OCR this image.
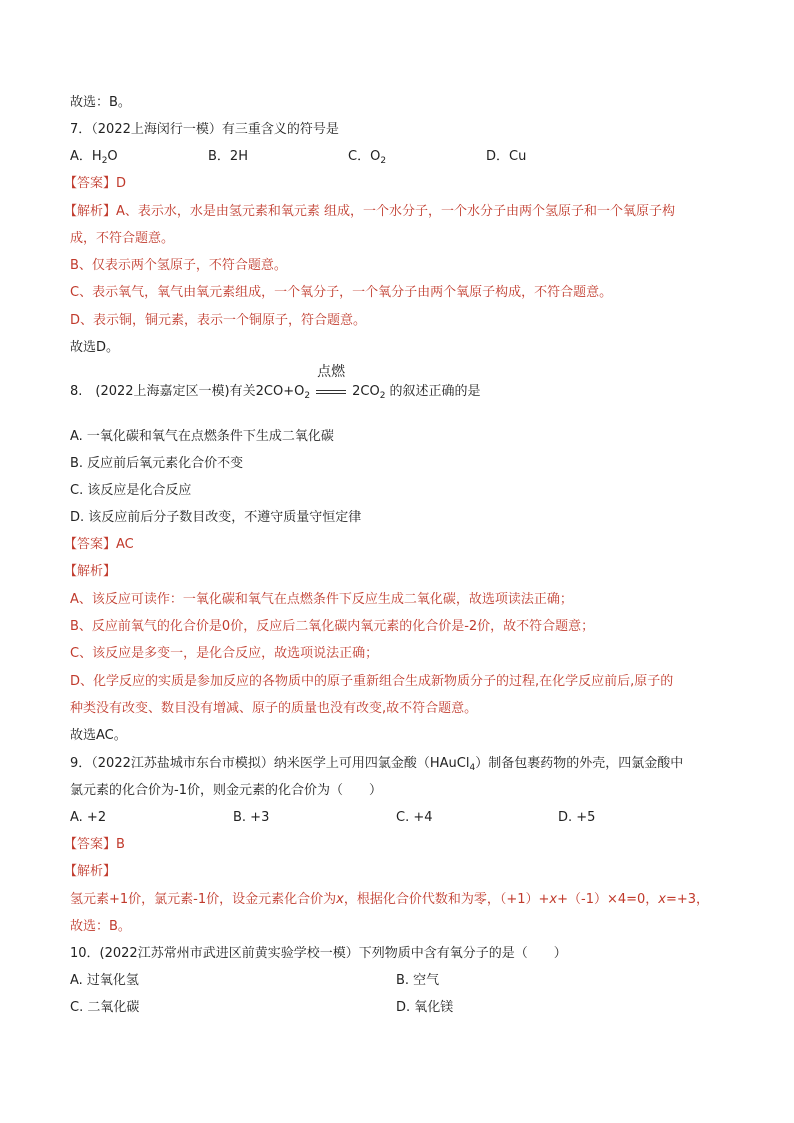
故选：B。
7．（2022上海闵行一模）有三重含义的符号是
A．$H_2O$	B．2H	C．$O_2$	D．Cu
【答案】D
【解析】A、表示水，水是由氢元素和氧元素 组成，一个水分子，一个水分子由两个氢原子和一个氧原子构
成，不符合题意。
B、仅表示两个氢原子，不符合题意。
C、表示氧气，氧气由氧元素组成，一个氧分子，一个氧分子由两个氧原子构成，不符合题意。
D、表示铜，铜元素，表示一个铜原子，符合题意。
故选D。
8.　(2022上海嘉定区一模)有关$2CO+O_2$
点燃
$2CO_2$ 的叙述正确的是
A. 一氧化碳和氧气在点燃条件下生成二氧化碳
B. 反应前后氧元素化合价不变
C. 该反应是化合反应
D. 该反应前后分子数目改变，不遵守质量守恒定律
【答案】AC
【解析】
A、该反应可读作：一氧化碳和氧气在点燃条件下反应生成二氧化碳，故选项读法正确；
B、反应前氧气的化合价是0价，反应后二氧化碳内氧元素的化合价是-2价，故不符合题意；
C、该反应是多变一，是化合反应，故选项说法正确；
D、化学反应的实质是参加反应的各物质中的原子重新组合生成新物质分子的过程,在化学反应前后,原子的
种类没有改变、数目没有增减、原子的质量也没有改变,故不符合题意。
故选AC。
9．（2022江苏盐城市东台市模拟）纳米医学上可用四氯金酸（HAuCl$_4$）制备包裹药物的外壳，四氯金酸中
氯元素的化合价为-1价，则金元素的化合价为（　　）
A. +2	B. +3	C. +4	D. +5
【答案】B
【解析】
氢元素+1价，氯元素-1价，设金元素化合价为x，根据化合价代数和为零，（+1）+x+（-1）×4=0，x=+3，
故选：B。
10．(2022江苏常州市武进区前黄实验学校一模）下列物质中含有氧分子的是（　　）
A. 过氧化氢	B. 空气
C. 二氧化碳	D. 氧化镁
